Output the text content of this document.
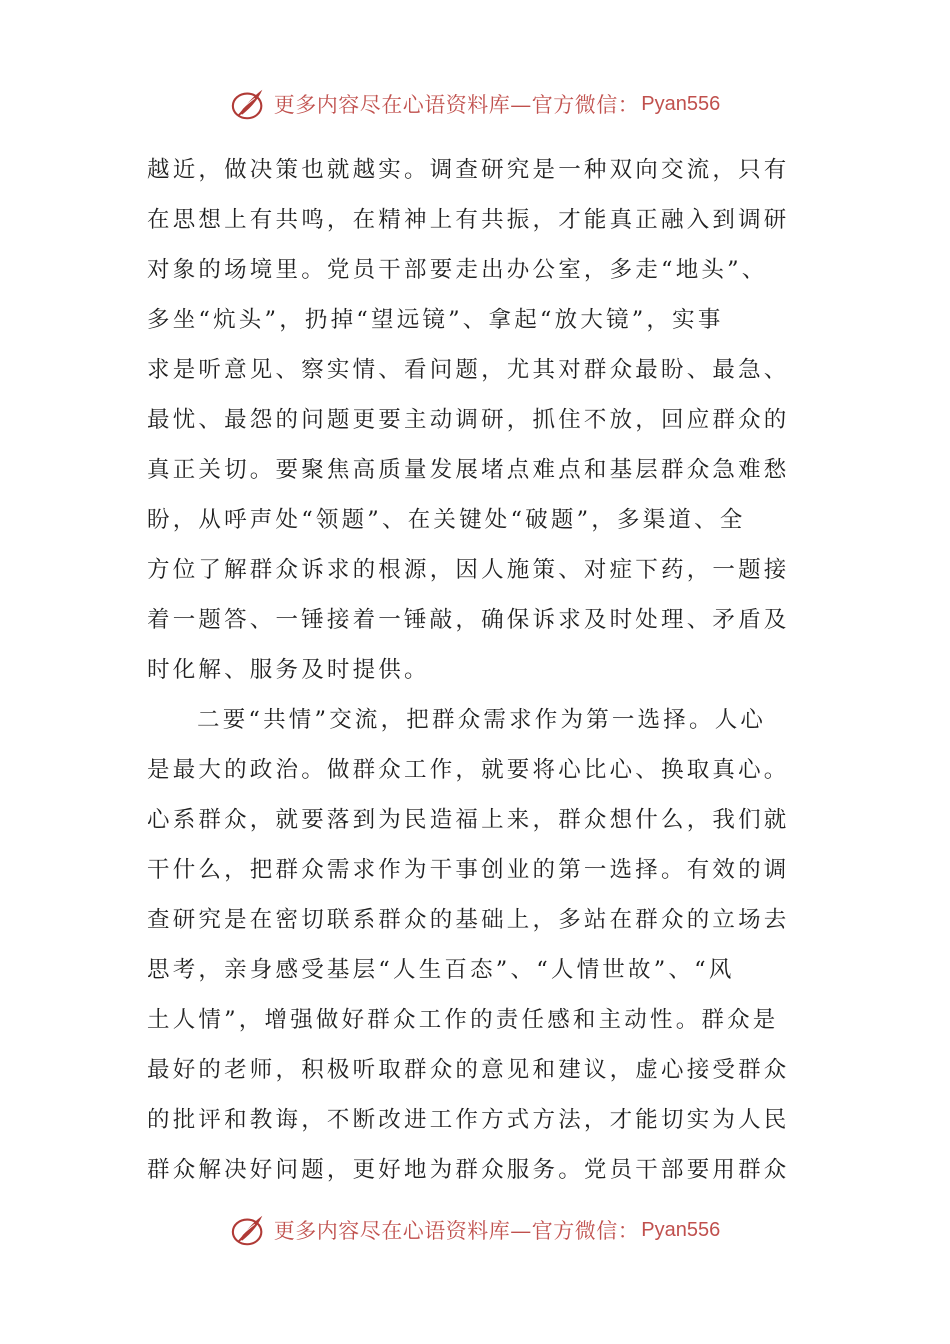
更多内容尽在心语资料库—官方微信： Pyan556
越近，做决策也就越实。调查研究是一种双向交流，只有
在思想上有共鸣，在精神上有共振，才能真正融入到调研
对象的场境里。党员干部要走出办公室，多走“地头”、
多坐“炕头”，扔掉“望远镜”、拿起“放大镜”，实事
求是听意见、察实情、看问题，尤其对群众最盼、最急、
最忧、最怨的问题更要主动调研，抓住不放，回应群众的
真正关切。要聚焦高质量发展堵点难点和基层群众急难愁
盼，从呼声处“领题”、在关键处“破题”，多渠道、全
方位了解群众诉求的根源，因人施策、对症下药，一题接
着一题答、一锤接着一锤敲，确保诉求及时处理、矛盾及
时化解、服务及时提供。
二要“共情”交流，把群众需求作为第一选择。人心
是最大的政治。做群众工作，就要将心比心、换取真心。
心系群众，就要落到为民造福上来，群众想什么，我们就
干什么，把群众需求作为干事创业的第一选择。有效的调
查研究是在密切联系群众的基础上，多站在群众的立场去
思考，亲身感受基层“人生百态”、“人情世故”、“风
土人情”，增强做好群众工作的责任感和主动性。群众是
最好的老师，积极听取群众的意见和建议，虚心接受群众
的批评和教诲，不断改进工作方式方法，才能切实为人民
群众解决好问题，更好地为群众服务。党员干部要用群众
更多内容尽在心语资料库—官方微信： Pyan556
